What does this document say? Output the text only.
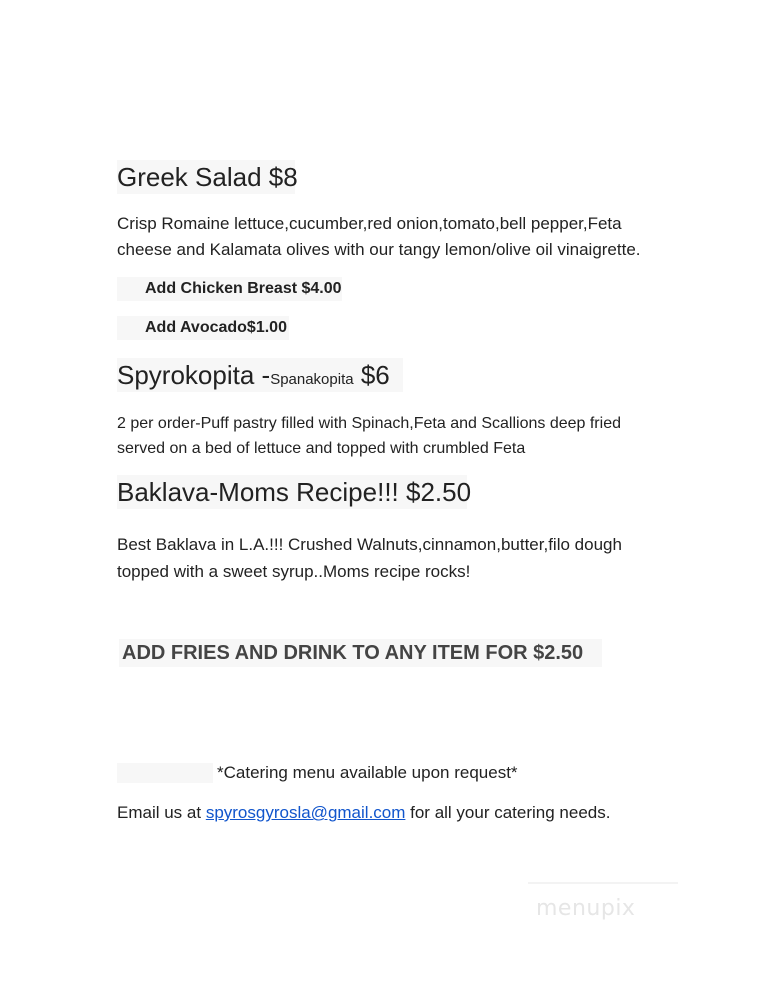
Greek Salad $8
Crisp Romaine lettuce,cucumber,red onion,tomato,bell pepper,Feta
cheese and Kalamata olives with our tangy lemon/olive oil vinaigrette.
Add Chicken Breast $4.00
Add Avocado$1.00
Spyrokopita -Spanakopita $6
2 per order-Puff pastry filled with Spinach,Feta and Scallions deep fried
served on a bed of lettuce and topped with crumbled Feta
Baklava-Moms Recipe!!! $2.50
Best Baklava in L.A.!!! Crushed Walnuts,cinnamon,butter,filo dough
topped with a sweet syrup..Moms recipe rocks!
ADD FRIES AND DRINK TO ANY ITEM FOR $2.50
*Catering menu available upon request*
Email us at spyrosgyrosla@gmail.com for all your catering needs.
menupix
